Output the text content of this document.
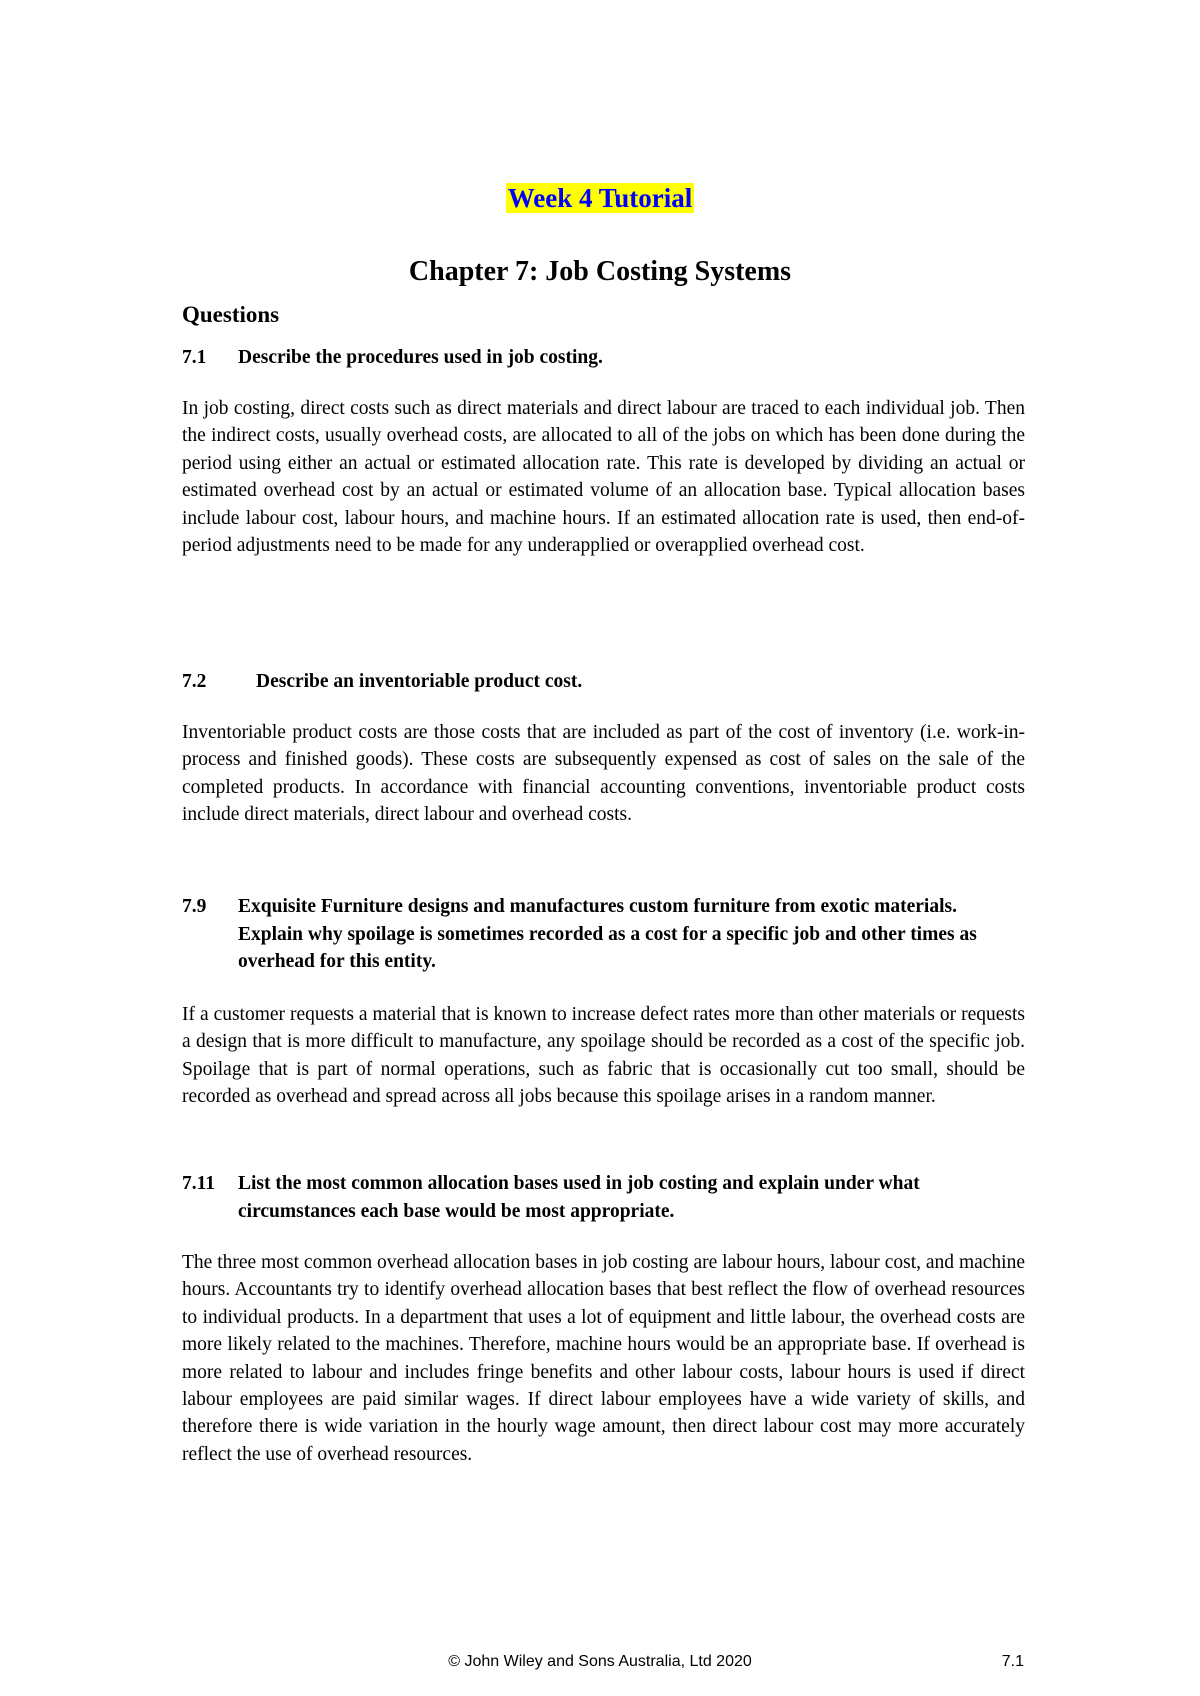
Week 4 Tutorial
Chapter 7: Job Costing Systems
Questions
7.1	Describe the procedures used in job costing.
In job costing, direct costs such as direct materials and direct labour are traced to each individual job. Then the indirect costs, usually overhead costs, are allocated to all of the jobs on which has been done during the period using either an actual or estimated allocation rate. This rate is developed by dividing an actual or estimated overhead cost by an actual or estimated volume of an allocation base. Typical allocation bases include labour cost, labour hours, and machine hours. If an estimated allocation rate is used, then end-of-period adjustments need to be made for any underapplied or overapplied overhead cost.
7.2	Describe an inventoriable product cost.
Inventoriable product costs are those costs that are included as part of the cost of inventory (i.e. work-in-process and finished goods). These costs are subsequently expensed as cost of sales on the sale of the completed products. In accordance with financial accounting conventions, inventoriable product costs include direct materials, direct labour and overhead costs.
7.9	Exquisite Furniture designs and manufactures custom furniture from exotic materials. Explain why spoilage is sometimes recorded as a cost for a specific job and other times as overhead for this entity.
If a customer requests a material that is known to increase defect rates more than other materials or requests a design that is more difficult to manufacture, any spoilage should be recorded as a cost of the specific job. Spoilage that is part of normal operations, such as fabric that is occasionally cut too small, should be recorded as overhead and spread across all jobs because this spoilage arises in a random manner.
7.11	List the most common allocation bases used in job costing and explain under what circumstances each base would be most appropriate.
The three most common overhead allocation bases in job costing are labour hours, labour cost, and machine hours. Accountants try to identify overhead allocation bases that best reflect the flow of overhead resources to individual products. In a department that uses a lot of equipment and little labour, the overhead costs are more likely related to the machines. Therefore, machine hours would be an appropriate base. If overhead is more related to labour and includes fringe benefits and other labour costs, labour hours is used if direct labour employees are paid similar wages. If direct labour employees have a wide variety of skills, and therefore there is wide variation in the hourly wage amount, then direct labour cost may more accurately reflect the use of overhead resources.
© John Wiley and Sons Australia, Ltd 2020	7.1
